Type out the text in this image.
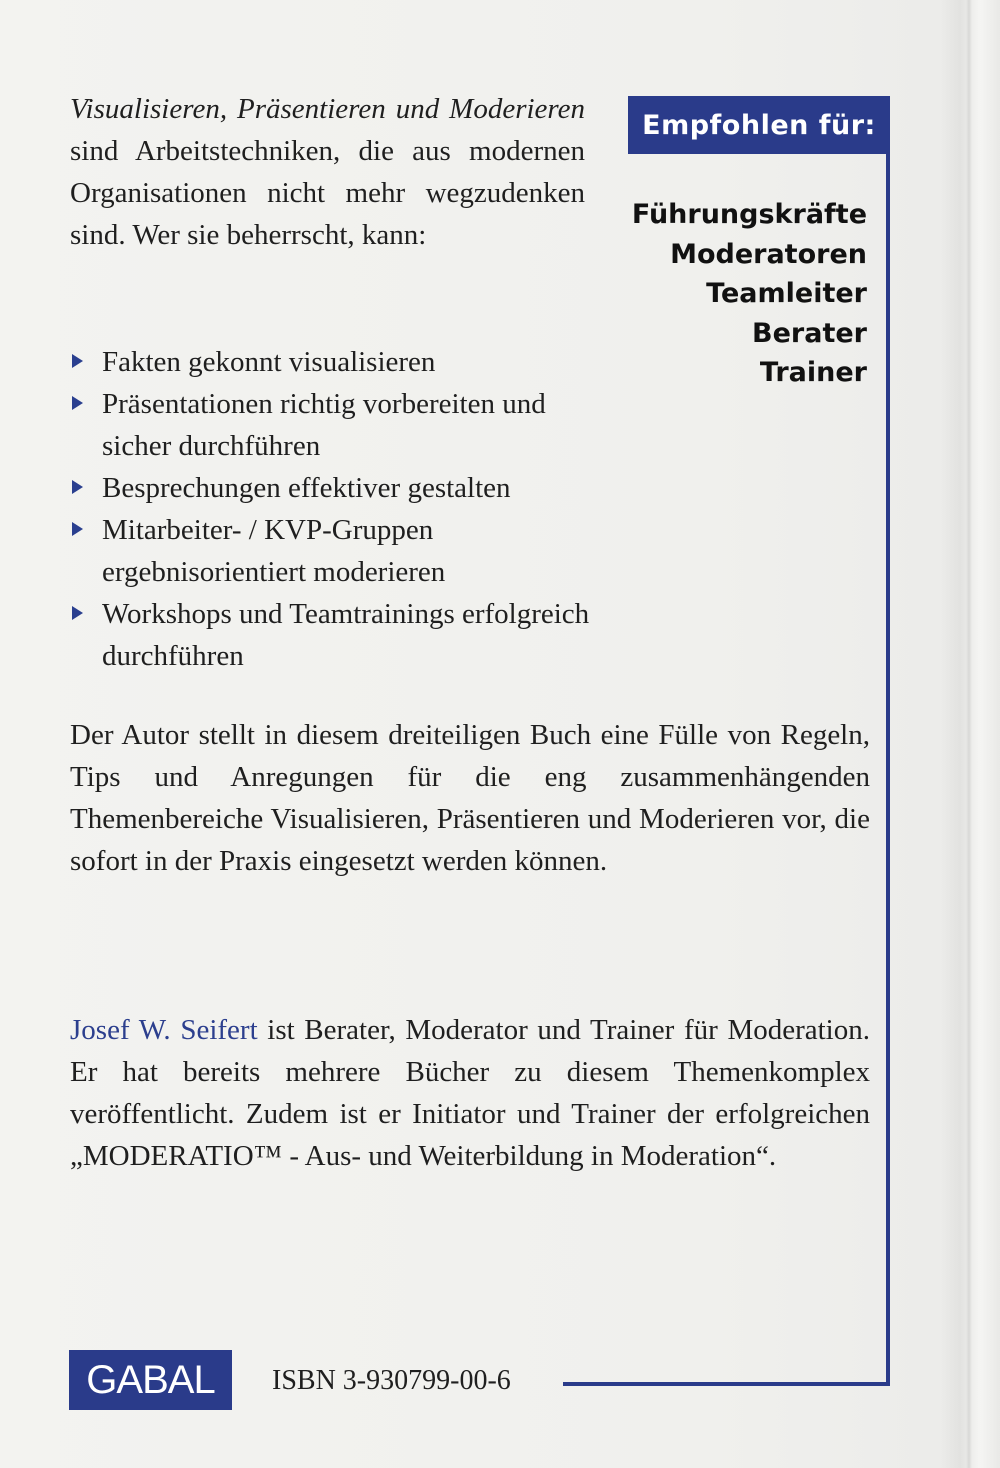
Visualisieren, Präsentieren und Moderieren sind Arbeitstechniken, die aus modernen Organisationen nicht mehr wegzudenken sind. Wer sie beherrscht, kann:
Fakten gekonnt visualisieren
Präsentationen richtig vorbereiten und sicher durchführen
Besprechungen effektiver gestalten
Mitarbeiter- / KVP-Gruppen ergebnisorientiert moderieren
Workshops und Teamtrainings erfolgreich durchführen
Der Autor stellt in diesem dreiteiligen Buch eine Fülle von Regeln, Tips und Anregungen für die eng zusammenhängenden Themenbereiche Visualisieren, Präsentieren und Moderieren vor, die sofort in der Praxis eingesetzt werden können.
Josef W. Seifert ist Berater, Moderator und Trainer für Moderation. Er hat bereits mehrere Bücher zu diesem Themenkomplex veröffentlicht. Zudem ist er Initiator und Trainer der erfolgreichen „MODERATIO™ - Aus- und Weiterbildung in Moderation“.
Empfohlen für:
Führungskräfte
Moderatoren
Teamleiter
Berater
Trainer
GABAL	ISBN 3-930799-00-6
